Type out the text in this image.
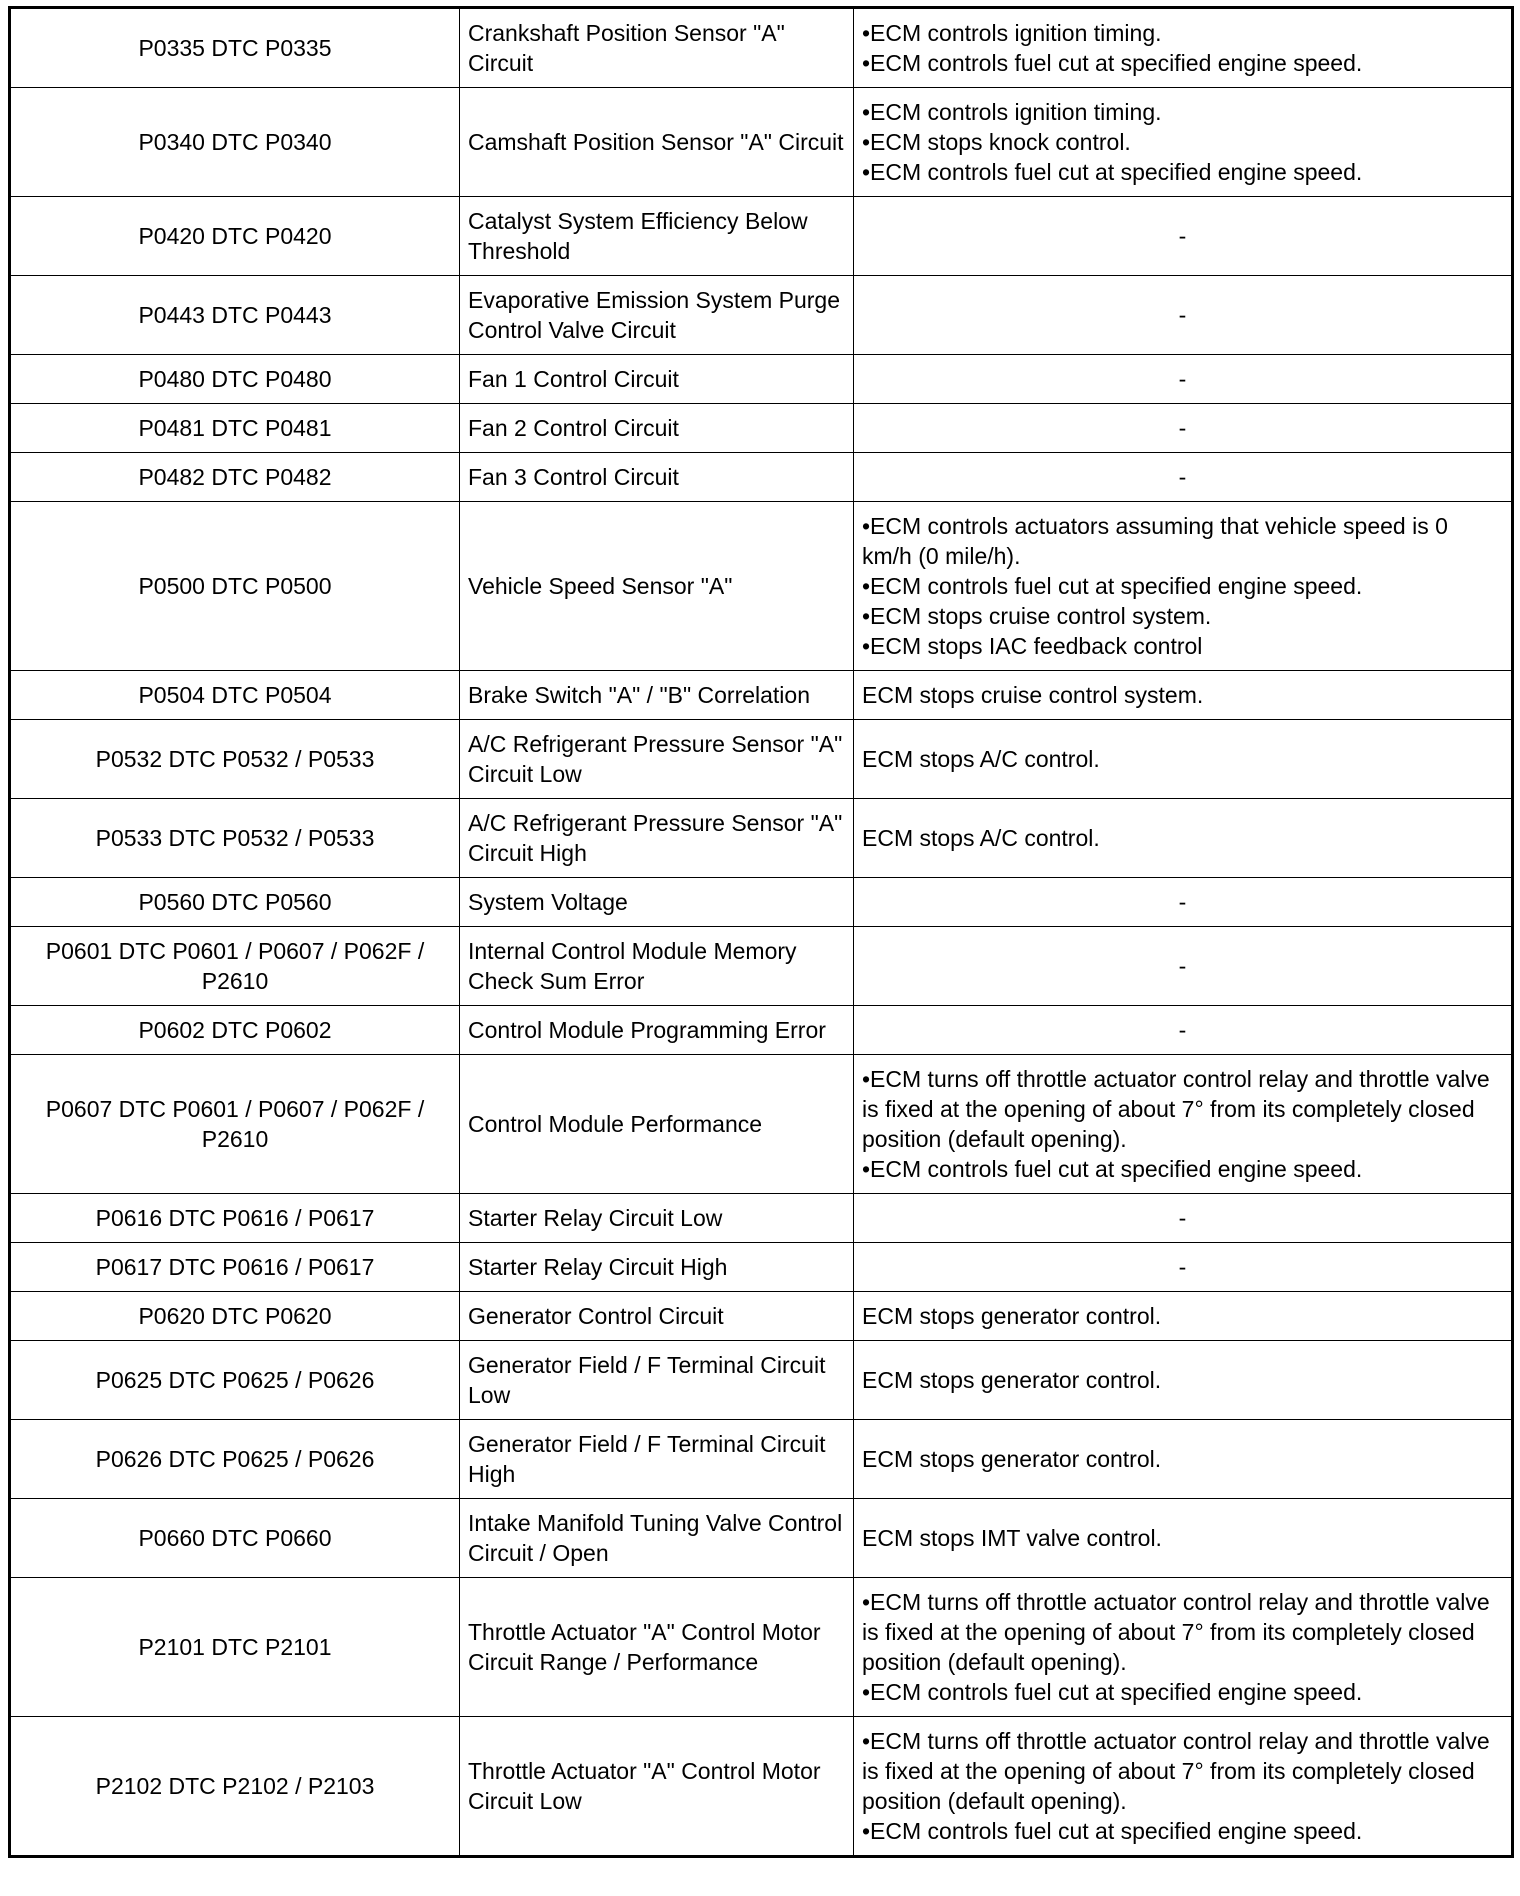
P0335 DTC P0335	Crankshaft Position Sensor "A" Circuit	•ECM controls ignition timing.
•ECM controls fuel cut at specified engine speed.

P0340 DTC P0340	Camshaft Position Sensor "A" Circuit	•ECM controls ignition timing.
•ECM stops knock control.
•ECM controls fuel cut at specified engine speed.

P0420 DTC P0420	Catalyst System Efficiency Below Threshold	-

P0443 DTC P0443	Evaporative Emission System Purge Control Valve Circuit	-

P0480 DTC P0480	Fan 1 Control Circuit	-

P0481 DTC P0481	Fan 2 Control Circuit	-

P0482 DTC P0482	Fan 3 Control Circuit	-

P0500 DTC P0500	Vehicle Speed Sensor "A"	•ECM controls actuators assuming that vehicle speed is 0 km/h (0 mile/h).
•ECM controls fuel cut at specified engine speed.
•ECM stops cruise control system.
•ECM stops IAC feedback control

P0504 DTC P0504	Brake Switch "A" / "B" Correlation	ECM stops cruise control system.

P0532 DTC P0532 / P0533	A/C Refrigerant Pressure Sensor "A" Circuit Low	ECM stops A/C control.

P0533 DTC P0532 / P0533	A/C Refrigerant Pressure Sensor "A" Circuit High	ECM stops A/C control.

P0560 DTC P0560	System Voltage	-

P0601 DTC P0601 / P0607 / P062F / P2610	Internal Control Module Memory Check Sum Error	-

P0602 DTC P0602	Control Module Programming Error	-

P0607 DTC P0601 / P0607 / P062F / P2610	Control Module Performance	•ECM turns off throttle actuator control relay and throttle valve is fixed at the opening of about 7° from its completely closed position (default opening).
•ECM controls fuel cut at specified engine speed.

P0616 DTC P0616 / P0617	Starter Relay Circuit Low	-

P0617 DTC P0616 / P0617	Starter Relay Circuit High	-

P0620 DTC P0620	Generator Control Circuit	ECM stops generator control.

P0625 DTC P0625 / P0626	Generator Field / F Terminal Circuit Low	ECM stops generator control.

P0626 DTC P0625 / P0626	Generator Field / F Terminal Circuit High	ECM stops generator control.

P0660 DTC P0660	Intake Manifold Tuning Valve Control Circuit / Open	ECM stops IMT valve control.

P2101 DTC P2101	Throttle Actuator "A" Control Motor Circuit Range / Performance	•ECM turns off throttle actuator control relay and throttle valve is fixed at the opening of about 7° from its completely closed position (default opening).
•ECM controls fuel cut at specified engine speed.

P2102 DTC P2102 / P2103	Throttle Actuator "A" Control Motor Circuit Low	•ECM turns off throttle actuator control relay and throttle valve is fixed at the opening of about 7° from its completely closed position (default opening).
•ECM controls fuel cut at specified engine speed.
